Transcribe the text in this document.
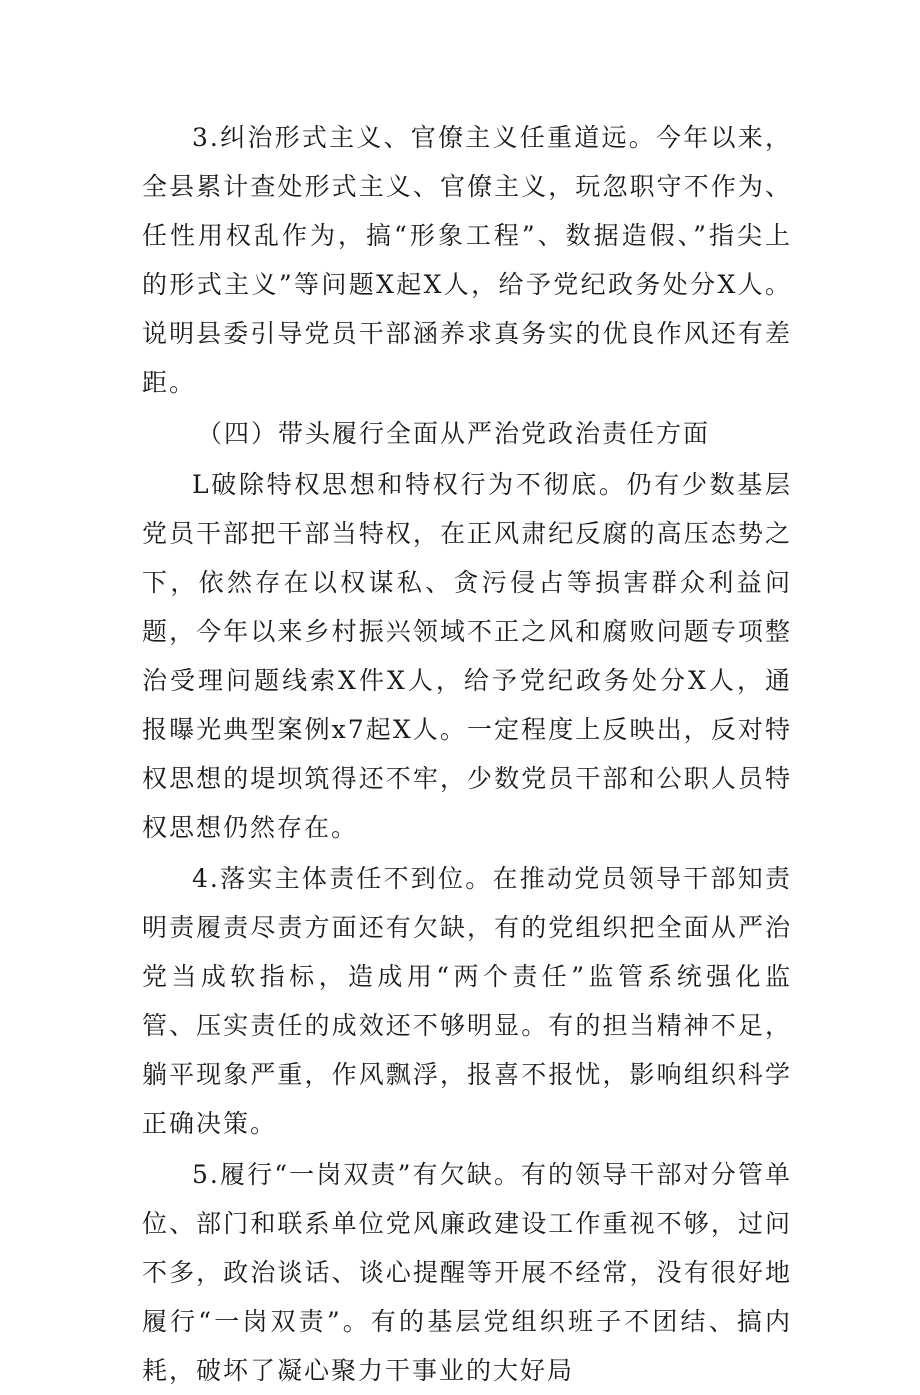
3.纠治形式主义、官僚主义任重道远。今年以来，全县累计查处形式主义、官僚主义，玩忽职守不作为、任性用权乱作为，搞“形象工程”、数据造假、”指尖上的形式主义”等问题X起X人，给予党纪政务处分X人。说明县委引导党员干部涵养求真务实的优良作风还有差距。

（四）带头履行全面从严治党政治责任方面

L破除特权思想和特权行为不彻底。仍有少数基层党员干部把干部当特权，在正风肃纪反腐的高压态势之下，依然存在以权谋私、贪污侵占等损害群众利益问题，今年以来乡村振兴领域不正之风和腐败问题专项整治受理问题线索X件X人，给予党纪政务处分X人，通报曝光典型案例x7起X人。一定程度上反映出，反对特权思想的堤坝筑得还不牢，少数党员干部和公职人员特权思想仍然存在。

4.落实主体责任不到位。在推动党员领导干部知责明责履责尽责方面还有欠缺，有的党组织把全面从严治党当成软指标，造成用“两个责任”监管系统强化监管、压实责任的成效还不够明显。有的担当精神不足，躺平现象严重，作风飘浮，报喜不报忧，影响组织科学正确决策。

5.履行“一岗双责”有欠缺。有的领导干部对分管单位、部门和联系单位党风廉政建设工作重视不够，过问不多，政治谈话、谈心提醒等开展不经常，没有很好地履行“一岗双责”。有的基层党组织班子不团结、搞内耗，破坏了凝心聚力干事业的大好局
